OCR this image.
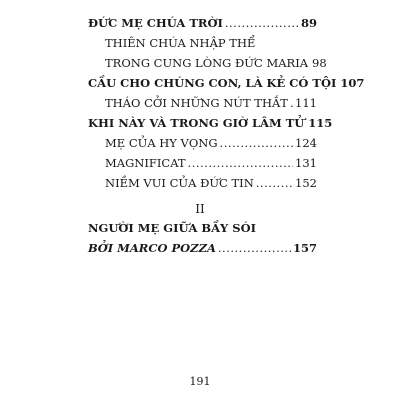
ĐỨC MẸ CHÚA TRỜI .....	89
THIÊN CHÚA NHẬP THỂ
TRONG CUNG LÒNG ĐỨC MARIA 98
CẦU CHO CHÚNG CON, LÀ KẺ CÓ TỘI 107
THÁO CỞI NHỮNG NÚT THẮT ..... 111
KHI NÀY VÀ TRONG GIỜ LÂM TỬ 115
MẸ CỦA HY VỌNG .....	124
MAGNIFICAT .....	131
NIỀM VUI CỦA ĐỨC TIN .....	152
II
NGƯỜI MẸ GIỮA BẦY SÓI
BỞI MARCO POZZA .....	157
191
